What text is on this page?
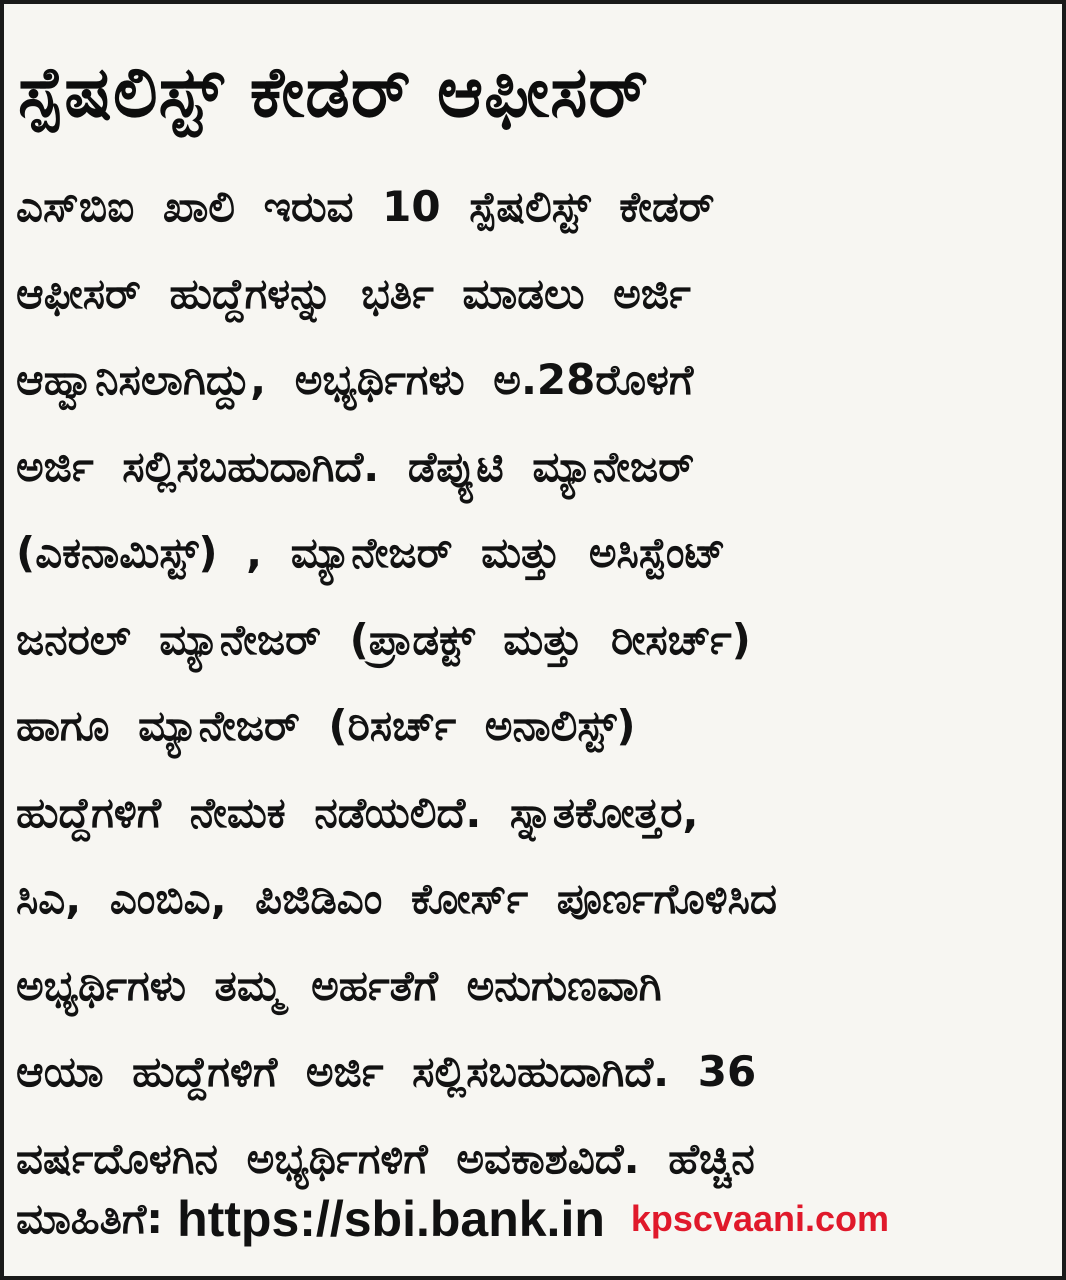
ಸ್ಪೆಷಲಿಸ್ಟ್ ಕೇಡರ್ ಆಫೀಸರ್
ಎಸ್‌ಬಿಐ ಖಾಲಿ ಇರುವ 10 ಸ್ಪೆಷಲಿಸ್ಟ್ ಕೇಡರ್
ಆಫೀಸರ್ ಹುದ್ದೆಗಳನ್ನು ಭರ್ತಿ ಮಾಡಲು ಅರ್ಜಿ
ಆಹ್ವಾನಿಸಲಾಗಿದ್ದು, ಅಭ್ಯರ್ಥಿಗಳು ಅ.28ರೊಳಗೆ
ಅರ್ಜಿ ಸಲ್ಲಿಸಬಹುದಾಗಿದೆ. ಡೆಪ್ಯುಟಿ ಮ್ಯಾನೇಜರ್
(ಎಕನಾಮಿಸ್ಟ್) , ಮ್ಯಾನೇಜರ್ ಮತ್ತು ಅಸಿಸ್ಟೆಂಟ್
ಜನರಲ್ ಮ್ಯಾನೇಜರ್ (ಪ್ರಾಡಕ್ಟ್ ಮತ್ತು ರೀಸರ್ಚ್)
ಹಾಗೂ ಮ್ಯಾನೇಜರ್ (ರಿಸರ್ಚ್ ಅನಾಲಿಸ್ಟ್)
ಹುದ್ದೆಗಳಿಗೆ ನೇಮಕ ನಡೆಯಲಿದೆ. ಸ್ನಾತಕೋತ್ತರ,
ಸಿಎ, ಎಂಬಿಎ, ಪಿಜಿಡಿಎಂ ಕೋರ್ಸ್ ಪೂರ್ಣಗೊಳಿಸಿದ
ಅಭ್ಯರ್ಥಿಗಳು ತಮ್ಮ ಅರ್ಹತೆಗೆ ಅನುಗುಣವಾಗಿ
ಆಯಾ ಹುದ್ದೆಗಳಿಗೆ ಅರ್ಜಿ ಸಲ್ಲಿಸಬಹುದಾಗಿದೆ. 36
ವರ್ಷದೊಳಗಿನ ಅಭ್ಯರ್ಥಿಗಳಿಗೆ ಅವಕಾಶವಿದೆ. ಹೆಚ್ಚಿನ
ಮಾಹಿತಿಗೆ: https://sbi.bank.in kpscvaani.com
